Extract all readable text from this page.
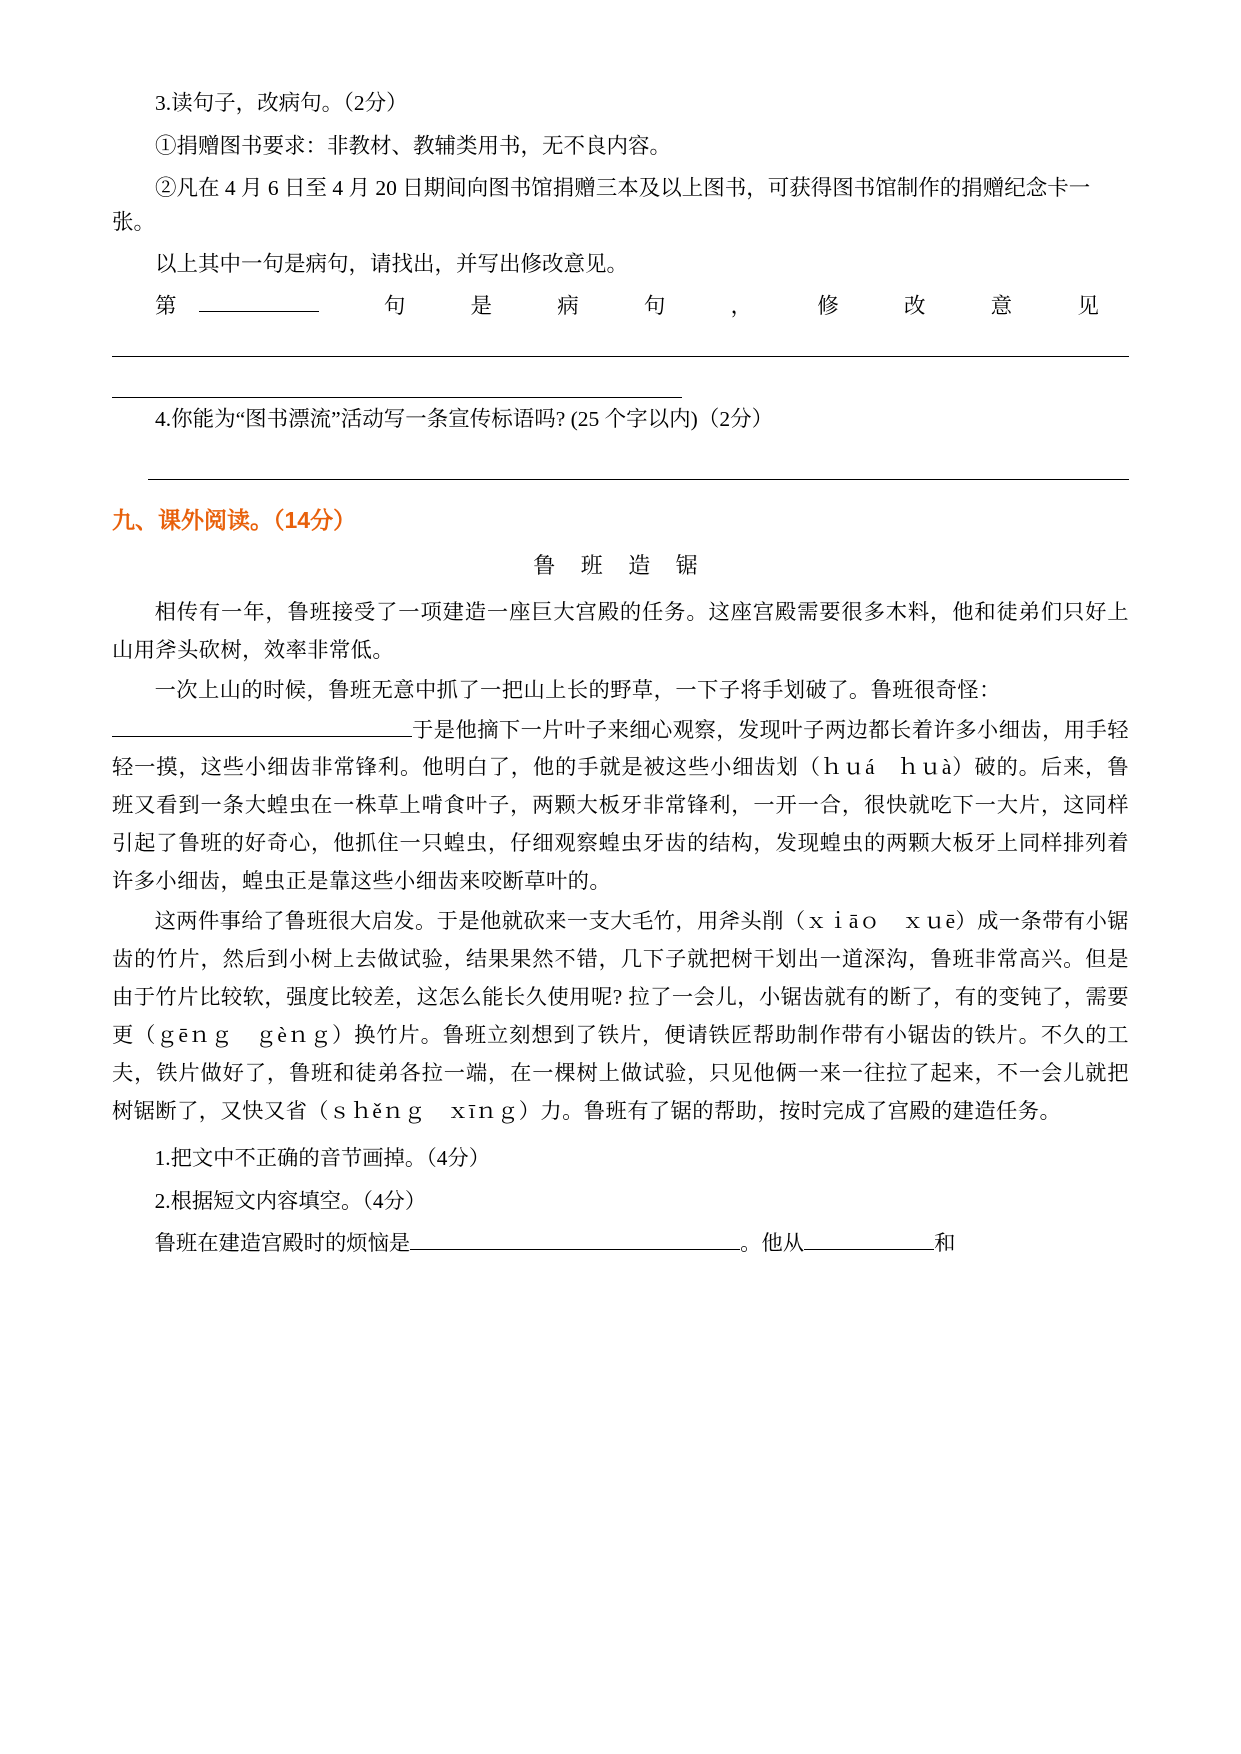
3.读句子，改病句。（2分）
①捐赠图书要求：非教材、教辅类用书，无不良内容。
②凡在 4 月 6 日至 4 月 20 日期间向图书馆捐赠三本及以上图书，可获得图书馆制作的捐赠纪念卡一张。
以上其中一句是病句，请找出，并写出修改意见。
第	句	是	病	句	，	修	改	意	见
4.你能为“图书漂流”活动写一条宣传标语吗? (25 个字以内)（2分）
九、课外阅读。（14分）
鲁 班 造 锯
相传有一年，鲁班接受了一项建造一座巨大宫殿的任务。这座宫殿需要很多木料，他和徒弟们只好上山用斧头砍树，效率非常低。
一次上山的时候，鲁班无意中抓了一把山上长的野草，一下子将手划破了。鲁班很奇怪：
于是他摘下一片叶子来细心观察，发现叶子两边都长着许多小细齿，用手轻轻一摸，这些小细齿非常锋利。他明白了，他的手就是被这些小细齿划（ｈｕá　ｈｕà）破的。后来，鲁班又看到一条大蝗虫在一株草上啃食叶子，两颗大板牙非常锋利，一开一合，很快就吃下一大片，这同样引起了鲁班的好奇心，他抓住一只蝗虫，仔细观察蝗虫牙齿的结构，发现蝗虫的两颗大板牙上同样排列着许多小细齿，蝗虫正是靠这些小细齿来咬断草叶的。
这两件事给了鲁班很大启发。于是他就砍来一支大毛竹，用斧头削（ｘｉāｏ　ｘｕē）成一条带有小锯齿的竹片，然后到小树上去做试验，结果果然不错，几下子就把树干划出一道深沟，鲁班非常高兴。但是由于竹片比较软，强度比较差，这怎么能长久使用呢? 拉了一会儿，小锯齿就有的断了，有的变钝了，需要更（ｇēｎｇ　ｇèｎｇ）换竹片。鲁班立刻想到了铁片，便请铁匠帮助制作带有小锯齿的铁片。不久的工夫，铁片做好了，鲁班和徒弟各拉一端，在一棵树上做试验，只见他俩一来一往拉了起来，不一会儿就把树锯断了，又快又省（ｓｈěｎｇ　ｘīｎｇ）力。鲁班有了锯的帮助，按时完成了宫殿的建造任务。
1.把文中不正确的音节画掉。（4分）
2.根据短文内容填空。（4分）
鲁班在建造宫殿时的烦恼是	。他从	和
